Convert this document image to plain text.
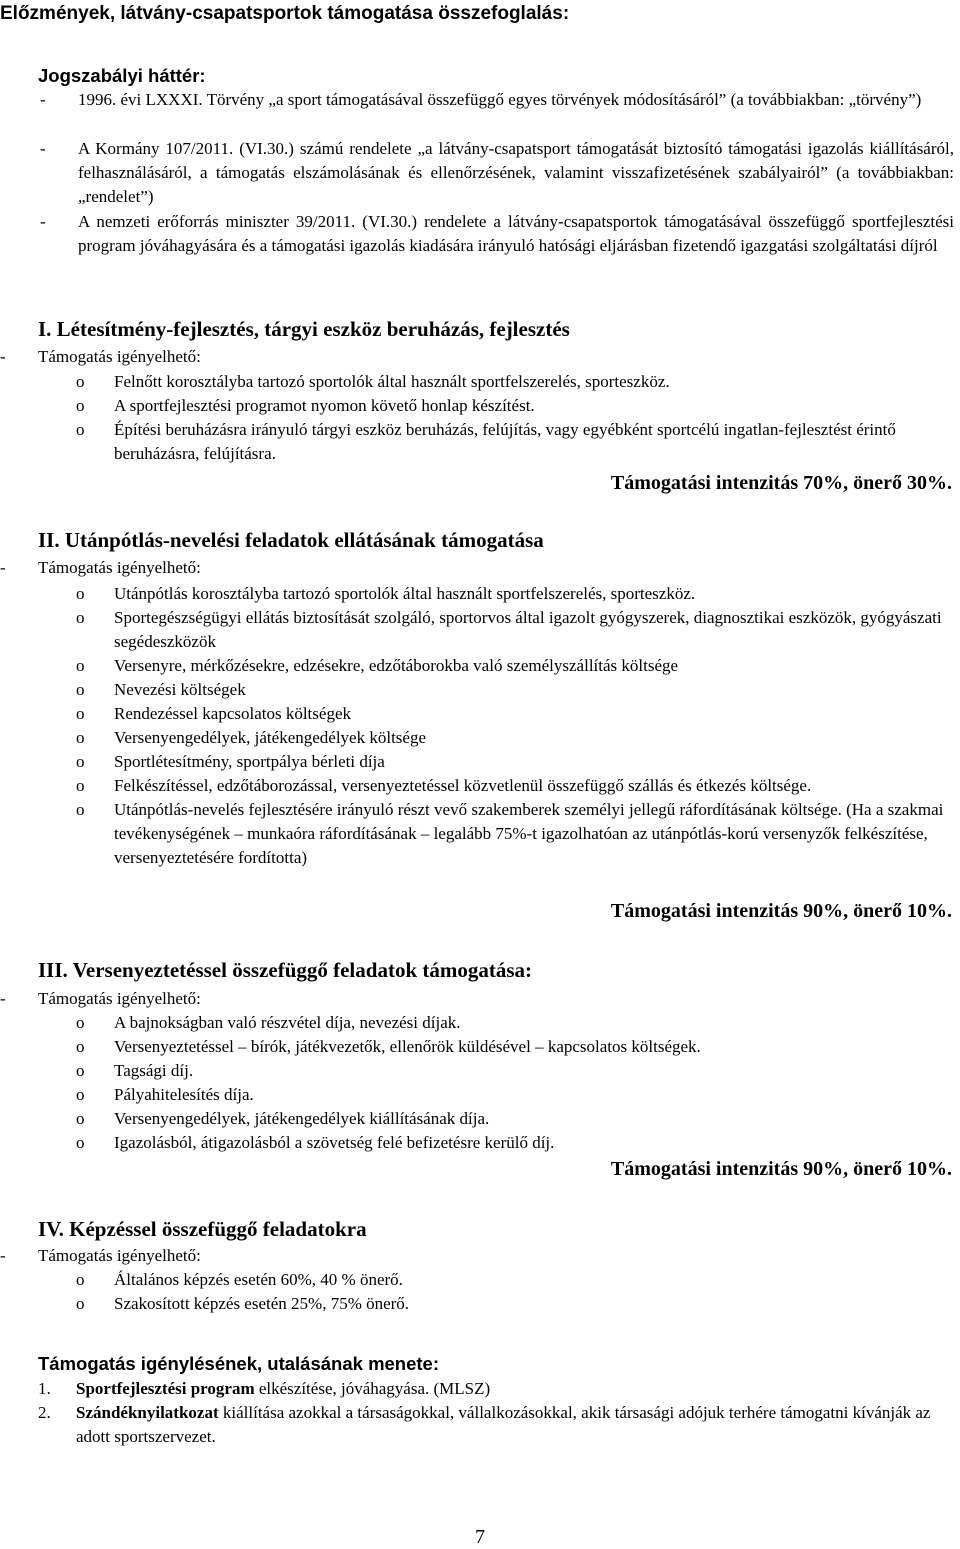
Előzmények, látvány-csapatsportok támogatása összefoglalás:
Jogszabályi háttér:
- 1996. évi LXXXI. Törvény „a sport támogatásával összefüggő egyes törvények módosításáról” (a továbbiakban: „törvény”)
- A Kormány 107/2011. (VI.30.) számú rendelete „a látvány-csapatsport támogatását biztosító támogatási igazolás kiállításáról, felhasználásáról, a támogatás elszámolásának és ellenőrzésének, valamint visszafizetésének szabályairól” (a továbbiakban: „rendelet”)
- A nemzeti erőforrás miniszter 39/2011. (VI.30.) rendelete a látvány-csapatsportok támogatásával összefüggő sportfejlesztési program jóváhagyására és a támogatási igazolás kiadására irányuló hatósági eljárásban fizetendő igazgatási szolgáltatási díjról
I. Létesítmény-fejlesztés, tárgyi eszköz beruházás, fejlesztés
- Támogatás igényelhető:
o Felnőtt korosztályba tartozó sportolók által használt sportfelszerelés, sporteszköz.
o A sportfejlesztési programot nyomon követő honlap készítést.
o Építési beruházásra irányuló tárgyi eszköz beruházás, felújítás, vagy egyébként sportcélú ingatlan-fejlesztést érintő beruházásra, felújításra.
Támogatási intenzitás 70%, önerő 30%.
II. Utánpótlás-nevelési feladatok ellátásának támogatása
- Támogatás igényelhető:
o Utánpótlás korosztályba tartozó sportolók által használt sportfelszerelés, sporteszköz.
o Sportegészségügyi ellátás biztosítását szolgáló, sportorvos által igazolt gyógyszerek, diagnosztikai eszközök, gyógyászati segédeszközök
o Versenyre, mérkőzésekre, edzésekre, edzőtáborokba való személyszállítás költsége
o Nevezési költségek
o Rendezéssel kapcsolatos költségek
o Versenyengedélyek, játékengedélyek költsége
o Sportlétesítmény, sportpálya bérleti díja
o Felkészítéssel, edzőtáborozással, versenyeztetéssel közvetlenül összefüggő szállás és étkezés költsége.
o Utánpótlás-nevelés fejlesztésére irányuló részt vevő szakemberek személyi jellegű ráfordításának költsége. (Ha a szakmai tevékenységének – munkaóra ráfordításának – legalább 75%-t igazolhatóan az utánpótlás-korú versenyzők felkészítése, versenyeztetésére fordította)
Támogatási intenzitás 90%, önerő 10%.
III. Versenyeztetéssel összefüggő feladatok támogatása:
- Támogatás igényelhető:
o A bajnokságban való részvétel díja, nevezési díjak.
o Versenyeztetéssel – bírók, játékvezetők, ellenőrök küldésével – kapcsolatos költségek.
o Tagsági díj.
o Pályahitelesítés díja.
o Versenyengedélyek, játékengedélyek kiállításának díja.
o Igazolásból, átigazolásból a szövetség felé befizetésre kerülő díj.
Támogatási intenzitás 90%, önerő 10%.
IV. Képzéssel összefüggő feladatokra
- Támogatás igényelhető:
o Általános képzés esetén 60%, 40 % önerő.
o Szakosított képzés esetén 25%, 75% önerő.
Támogatás igénylésének, utalásának menete:
1. Sportfejlesztési program elkészítése, jóváhagyása. (MLSZ)
2. Szándéknyilatkozat kiállítása azokkal a társaságokkal, vállalkozásokkal, akik társasági adójuk terhére támogatni kívánják az adott sportszervezet.
7
